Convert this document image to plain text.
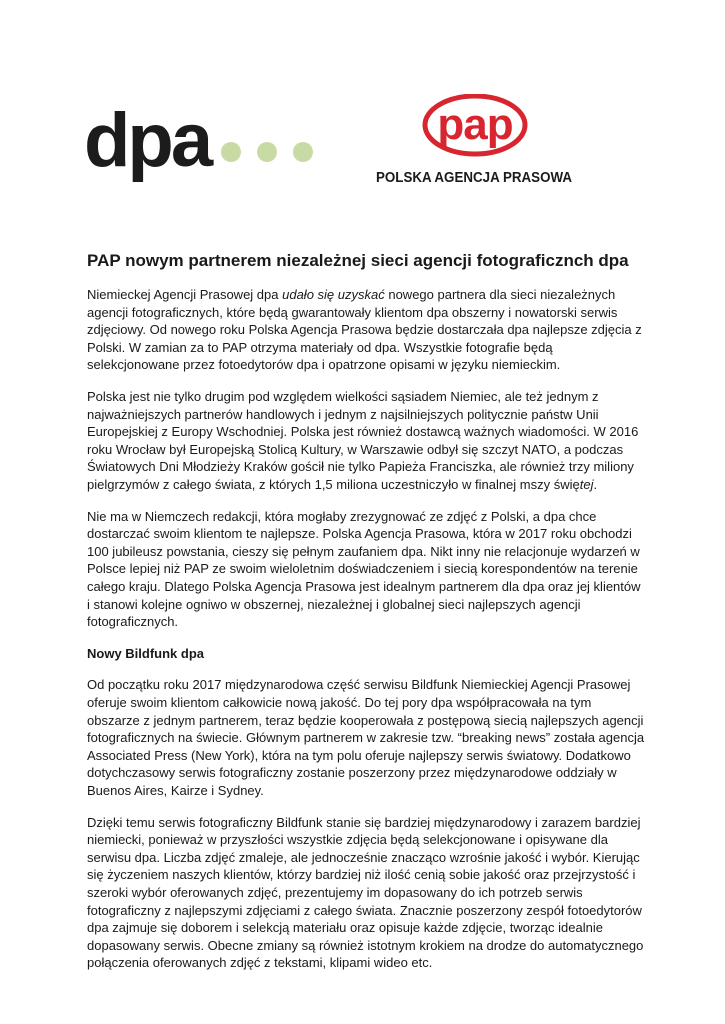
dpa	pap
POLSKA AGENCJA PRASOWA
PAP nowym partnerem niezależnej sieci agencji fotograficznch dpa

Niemieckej Agencji Prasowej dpa udało się uzyskać nowego partnera dla sieci niezależnych agencji fotograficznych, które będą gwarantowały klientom dpa obszerny i nowatorski serwis zdjęciowy. Od nowego roku Polska Agencja Prasowa będzie dostarczała dpa najlepsze zdjęcia z Polski. W zamian za to PAP otrzyma materiały od dpa. Wszystkie fotografie będą selekcjonowane przez fotoedytorów dpa i opatrzone opisami w języku niemieckim.

Polska jest nie tylko drugim pod względem wielkości sąsiadem Niemiec, ale też jednym z najważniejszych partnerów handlowych i jednym z najsilniejszych politycznie państw Unii Europejskiej z Europy Wschodniej. Polska jest również dostawcą ważnych wiadomości. W 2016 roku Wrocław był Europejską Stolicą Kultury, w Warszawie odbył się szczyt NATO, a podczas Światowych Dni Młodzieży Kraków gościł nie tylko Papieża Franciszka, ale również trzy miliony pielgrzymów z całego świata, z których 1,5 miliona uczestniczyło w finalnej mszy świętej.

Nie ma w Niemczech redakcji, która mogłaby zrezygnować ze zdjęć z Polski, a dpa chce dostarczać swoim klientom te najlepsze. Polska Agencja Prasowa, która w 2017 roku obchodzi 100 jubileusz powstania, cieszy się pełnym zaufaniem dpa. Nikt inny nie relacjonuje wydarzeń w Polsce lepiej niż PAP ze swoim wieloletnim doświadczeniem i siecią korespondentów na terenie całego kraju. Dlatego Polska Agencja Prasowa jest idealnym partnerem dla dpa oraz jej klientów i stanowi kolejne ogniwo w obszernej, niezależnej i globalnej sieci najlepszych agencji fotograficznych.

Nowy Bildfunk dpa

Od początku roku 2017 międzynarodowa część serwisu Bildfunk Niemieckiej Agencji Prasowej oferuje swoim klientom całkowicie nową jakość. Do tej pory dpa współpracowała na tym obszarze z jednym partnerem, teraz będzie kooperowała z postępową siecią najlepszych agencji fotograficznych na świecie. Głównym partnerem w zakresie tzw. “breaking news” została agencja Associated Press (New York), która na tym polu oferuje najlepszy serwis światowy. Dodatkowo dotychczasowy serwis fotograficzny zostanie poszerzony przez międzynarodowe oddziały w Buenos Aires, Kairze i Sydney.

Dzięki temu serwis fotograficzny Bildfunk stanie się bardziej międzynarodowy i zarazem bardziej niemiecki, ponieważ w przyszłości wszystkie zdjęcia będą selekcjonowane i opisywane dla serwisu dpa. Liczba zdjęć zmaleje, ale jednocześnie znacząco wzrośnie jakość i wybór. Kierując się życzeniem naszych klientów, którzy bardziej niż ilość cenią sobie jakość oraz przejrzystość i szeroki wybór oferowanych zdjęć, prezentujemy im dopasowany do ich potrzeb serwis fotograficzny z najlepszymi zdjęciami z całego świata. Znacznie poszerzony zespół fotoedytorów dpa zajmuje się doborem i selekcją materiału oraz opisuje każde zdjęcie, tworząc idealnie dopasowany serwis. Obecne zmiany są również istotnym krokiem na drodze do automatycznego połączenia oferowanych zdjęć z tekstami, klipami wideo etc.
